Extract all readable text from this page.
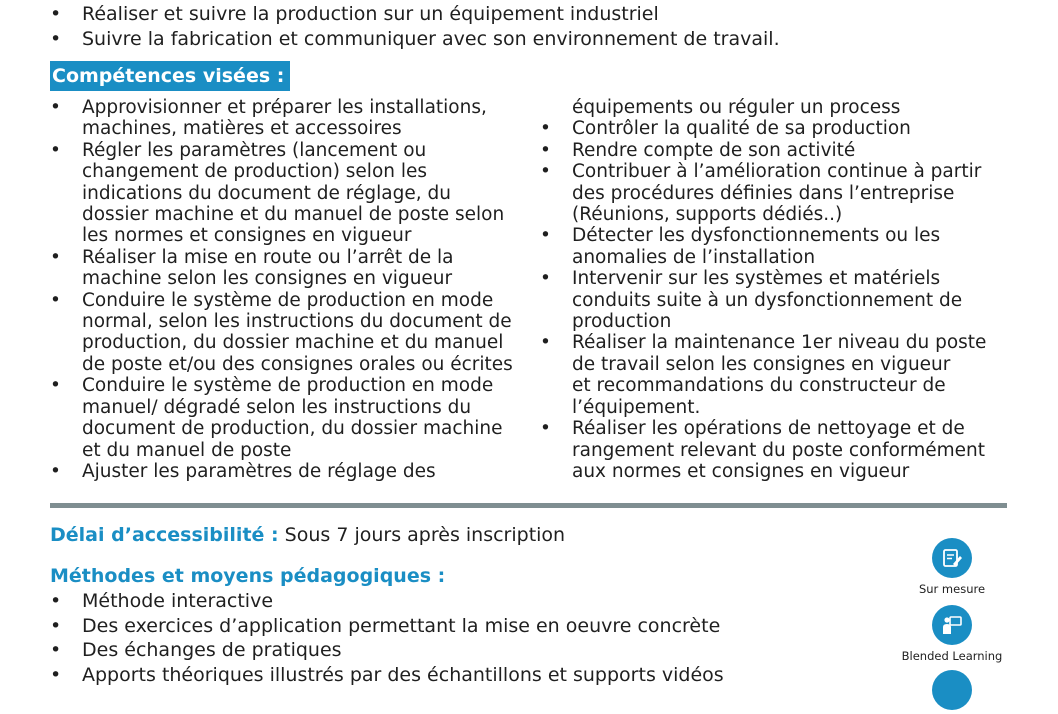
• Réaliser et suivre la production sur un équipement industriel
• Suivre la fabrication et communiquer avec son environnement de travail.
Compétences visées :
• Approvisionner et préparer les installations,
machines, matières et accessoires
• Régler les paramètres (lancement ou
changement de production) selon les
indications du document de réglage, du
dossier machine et du manuel de poste selon
les normes et consignes en vigueur
• Réaliser la mise en route ou l’arrêt de la
machine selon les consignes en vigueur
• Conduire le système de production en mode
normal, selon les instructions du document de
production, du dossier machine et du manuel
de poste et/ou des consignes orales ou écrites
• Conduire le système de production en mode
manuel/ dégradé selon les instructions du
document de production, du dossier machine
et du manuel de poste
• Ajuster les paramètres de réglage des
équipements ou réguler un process
• Contrôler la qualité de sa production
• Rendre compte de son activité
• Contribuer à l’amélioration continue à partir
des procédures définies dans l’entreprise
(Réunions, supports dédiés..)
• Détecter les dysfonctionnements ou les
anomalies de l’installation
• Intervenir sur les systèmes et matériels
conduits suite à un dysfonctionnement de
production
• Réaliser la maintenance 1er niveau du poste
de travail selon les consignes en vigueur
et recommandations du constructeur de
l’équipement.
• Réaliser les opérations de nettoyage et de
rangement relevant du poste conformément
aux normes et consignes en vigueur
Délai d’accessibilité : Sous 7 jours après inscription
Méthodes et moyens pédagogiques :
• Méthode interactive
• Des exercices d’application permettant la mise en oeuvre concrète
• Des échanges de pratiques
• Apports théoriques illustrés par des échantillons et supports vidéos
Sur mesure
Blended Learning
